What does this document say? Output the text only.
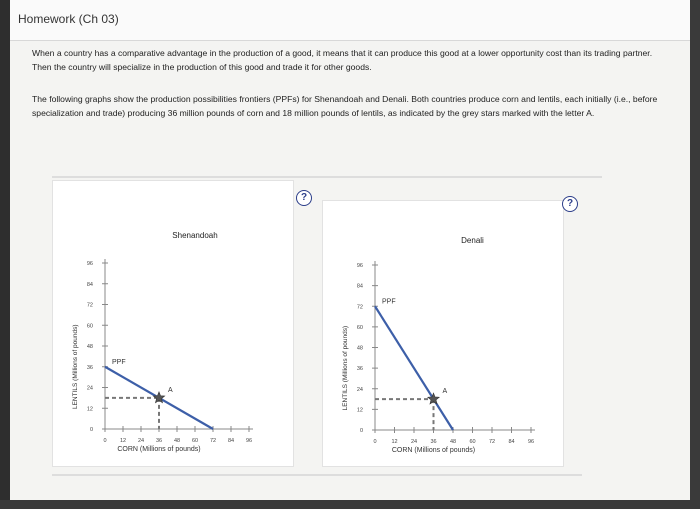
Homework (Ch 03)
When a country has a comparative advantage in the production of a good, it means that it can produce this good at a lower opportunity cost than its trading partner. Then the country will specialize in the production of this good and trade it for other goods.
The following graphs show the production possibilities frontiers (PPFs) for Shenandoah and Denali. Both countries produce corn and lentils, each initially (i.e., before specialization and trade) producing 36 million pounds of corn and 18 million pounds of lentils, as indicated by the grey stars marked with the letter A.
Shenandoah
0
12
24
36
48
60
72
84
96
0 12 24 36 48 60 72 84 96
CORN (Millions of pounds)
LENTILS (Millions of pounds)	PPF
A
?
Denali
0
12
24
36
48
60
72
84
96
0	12 24 36 48 60 72 84 96
CORN (Millions of pounds)
LENTILS (Millions of pounds)
PPF
A
?
